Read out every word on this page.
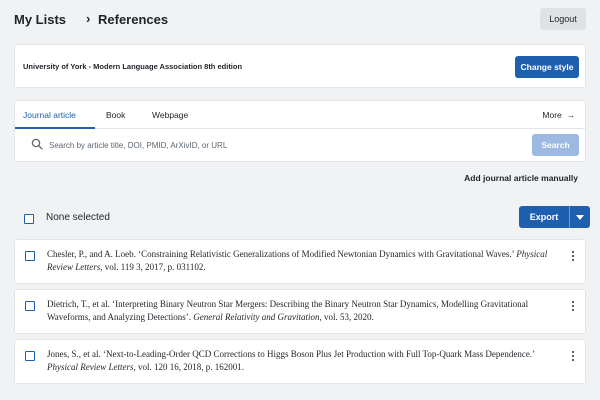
My Lists › References	Logout
University of York - Modern Language Association 8th edition	Change style
Journal article	Book	Webpage	More →
Search by article title, DOI, PMID, ArXivID, or URL
Search
Add journal article manually
None selected	Export
Chesler, P., and A. Loeb. ‘Constraining Relativistic Generalizations of Modified Newtonian Dynamics with Gravitational Waves.’ Physical Review Letters, vol. 119 3, 2017, p. 031102.
Dietrich, T., et al. ‘Interpreting Binary Neutron Star Mergers: Describing the Binary Neutron Star Dynamics, Modelling Gravitational Waveforms, and Analyzing Detections’. General Relativity and Gravitation, vol. 53, 2020.
Jones, S., et al. ‘Next-to-Leading-Order QCD Corrections to Higgs Boson Plus Jet Production with Full Top-Quark Mass Dependence.’ Physical Review Letters, vol. 120 16, 2018, p. 162001.
